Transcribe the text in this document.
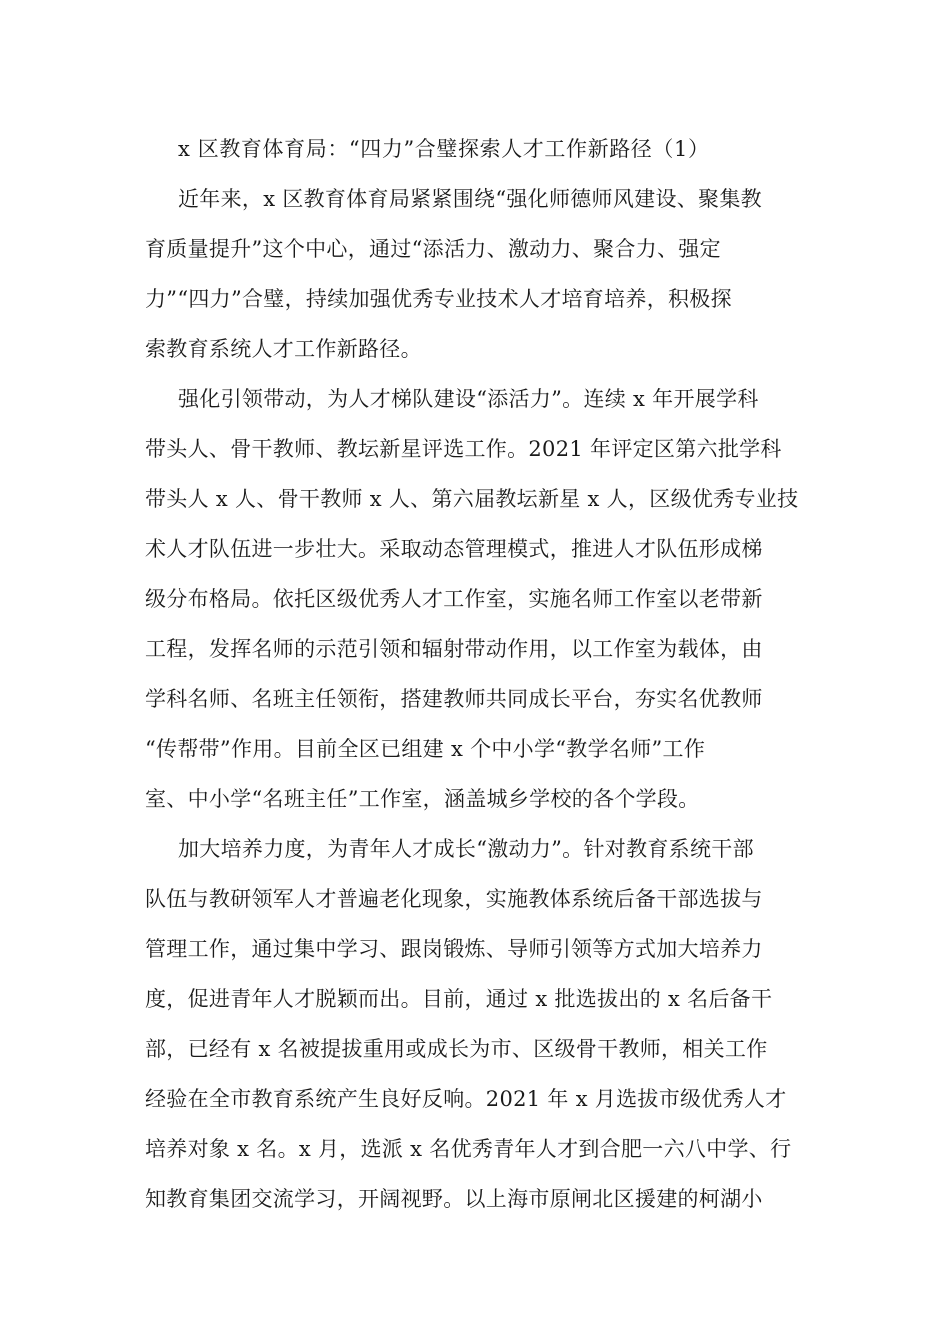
x 区教育体育局：“四力”合璧探索人才工作新路径（1）
近年来，x 区教育体育局紧紧围绕“强化师德师风建设、聚集教
育质量提升”这个中心，通过“添活力、激动力、聚合力、强定
力”“四力”合璧，持续加强优秀专业技术人才培育培养，积极探
索教育系统人才工作新路径。
强化引领带动，为人才梯队建设“添活力”。连续 x 年开展学科
带头人、骨干教师、教坛新星评选工作。2021 年评定区第六批学科
带头人 x 人、骨干教师 x 人、第六届教坛新星 x 人，区级优秀专业技
术人才队伍进一步壮大。采取动态管理模式，推进人才队伍形成梯
级分布格局。依托区级优秀人才工作室，实施名师工作室以老带新
工程，发挥名师的示范引领和辐射带动作用，以工作室为载体，由
学科名师、名班主任领衔，搭建教师共同成长平台，夯实名优教师
“传帮带”作用。目前全区已组建 x 个中小学“教学名师”工作
室、中小学“名班主任”工作室，涵盖城乡学校的各个学段。
加大培养力度，为青年人才成长“激动力”。针对教育系统干部
队伍与教研领军人才普遍老化现象，实施教体系统后备干部选拔与
管理工作，通过集中学习、跟岗锻炼、导师引领等方式加大培养力
度，促进青年人才脱颖而出。目前，通过 x 批选拔出的 x 名后备干
部，已经有 x 名被提拔重用或成长为市、区级骨干教师，相关工作
经验在全市教育系统产生良好反响。2021 年 x 月选拔市级优秀人才
培养对象 x 名。x 月，选派 x 名优秀青年人才到合肥一六八中学、行
知教育集团交流学习，开阔视野。以上海市原闸北区援建的柯湖小
